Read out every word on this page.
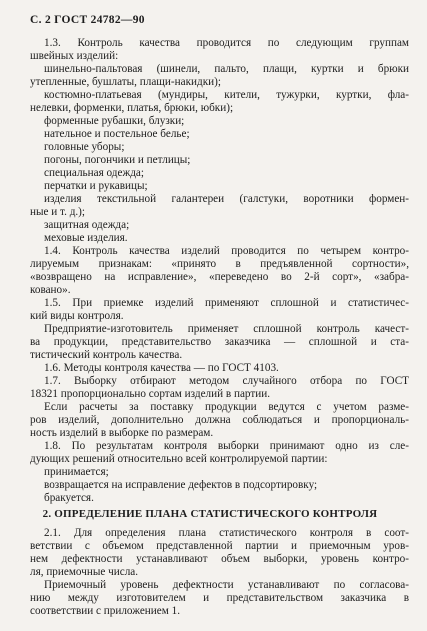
С. 2 ГОСТ 24782—90
1.3. Контроль качества проводится по следующим группам
швейных изделий:
шинельно-пальтовая (шинели, пальто, плащи, куртки и брюки
утепленные, бушлаты, плащи-накидки);
костюмно-платьевая (мундиры, кители, тужурки, куртки, фла-
нелевки, форменки, платья, брюки, юбки);
форменные рубашки, блузки;
нательное и постельное белье;
головные уборы;
погоны, погончики и петлицы;
специальная одежда;
перчатки и рукавицы;
изделия текстильной галантереи (галстуки, воротники формен-
ные и т. д.);
защитная одежда;
меховые изделия.
1.4. Контроль качества изделий проводится по четырем контро-
лируемым признакам: «принято в предъявленной сортности»,
«возвращено на исправление», «переведено во 2-й сорт», «забра-
ковано».
1.5. При приемке изделий применяют сплошной и статистичес-
кий виды контроля.
Предприятие-изготовитель применяет сплошной контроль качест-
ва продукции, представительство заказчика — сплошной и ста-
тистический контроль качества.
1.6. Методы контроля качества — по ГОСТ 4103.
1.7. Выборку отбирают методом случайного отбора по ГОСТ
18321 пропорционально сортам изделий в партии.
Если расчеты за поставку продукции ведутся с учетом разме-
ров изделий, дополнительно должна соблюдаться и пропорциональ-
ность изделий в выборке по размерам.
1.8. По результатам контроля выборки принимают одно из сле-
дующих решений относительно всей контролируемой партии:
принимается;
возвращается на исправление дефектов в подсортировку;
бракуется.
2. ОПРЕДЕЛЕНИЕ ПЛАНА СТАТИСТИЧЕСКОГО КОНТРОЛЯ
2.1. Для определения плана статистического контроля в соот-
ветствии с объемом представленной партии и приемочным уров-
нем дефектности устанавливают объем выборки, уровень контро-
ля, приемочные числа.
Приемочный уровень дефектности устанавливают по согласова-
нию между изготовителем и представительством заказчика в
соответствии с приложением 1.
